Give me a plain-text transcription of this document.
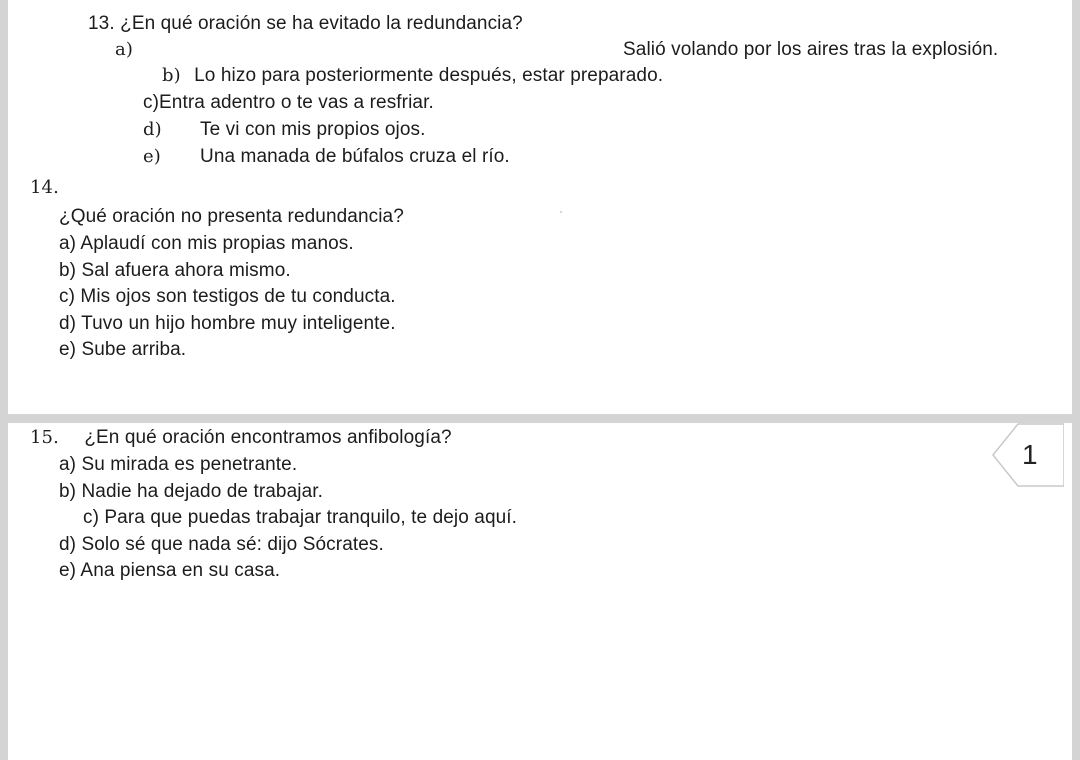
13. ¿En qué oración se ha evitado la redundancia?
a)	Salió volando por los aires tras la explosión.
b) Lo hizo para posteriormente después, estar preparado.
c)Entra adentro o te vas a resfriar.
d) Te vi con mis propios ojos.
e) Una manada de búfalos cruza el río.
14.
¿Qué oración no presenta redundancia?
a) Aplaudí con mis propias manos.
b) Sal afuera ahora mismo.
c) Mis ojos son testigos de tu conducta.
d) Tuvo un hijo hombre muy inteligente.
e) Sube arriba.
15. ¿En qué oración encontramos anfibología?
a) Su mirada es penetrante.
b) Nadie ha dejado de trabajar.
c) Para que puedas trabajar tranquilo, te dejo aquí.
d) Solo sé que nada sé: dijo Sócrates.
e) Ana piensa en su casa.
1
